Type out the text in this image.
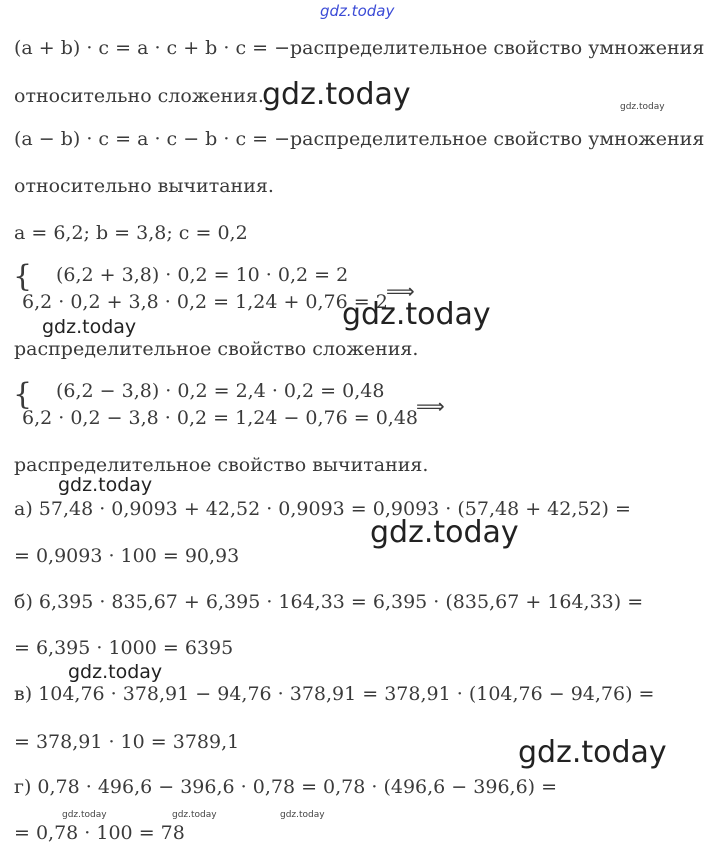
gdz.today
(a + b) · c = a · c + b · c = −распределительное свойство умножения
относительно сложения.
gdz.today	gdz.today
(a − b) · c = a · c − b · c = −распределительное свойство умножения
относительно вычитания.
a = 6,2; b = 3,8; c = 0,2
{ (6,2 + 3,8) · 0,2 = 10 · 0,2 = 2
6,2 · 0,2 + 3,8 · 0,2 = 1,24 + 0,76 = 2
⟹
gdz.today
gdz.today
распределительное свойство сложения.
{ (6,2 − 3,8) · 0,2 = 2,4 · 0,2 = 0,48
6,2 · 0,2 − 3,8 · 0,2 = 1,24 − 0,76 = 0,48
⟹
распределительное свойство вычитания.
gdz.today
а) 57,48 · 0,9093 + 42,52 · 0,9093 = 0,9093 · (57,48 + 42,52) =
gdz.today
= 0,9093 · 100 = 90,93
б) 6,395 · 835,67 + 6,395 · 164,33 = 6,395 · (835,67 + 164,33) =
= 6,395 · 1000 = 6395
gdz.today
в) 104,76 · 378,91 − 94,76 · 378,91 = 378,91 · (104,76 − 94,76) =
= 378,91 · 10 = 3789,1	gdz.today
г) 0,78 · 496,6 − 396,6 · 0,78 = 0,78 · (496,6 − 396,6) =
gdz.today	gdz.today	gdz.today
= 0,78 · 100 = 78
